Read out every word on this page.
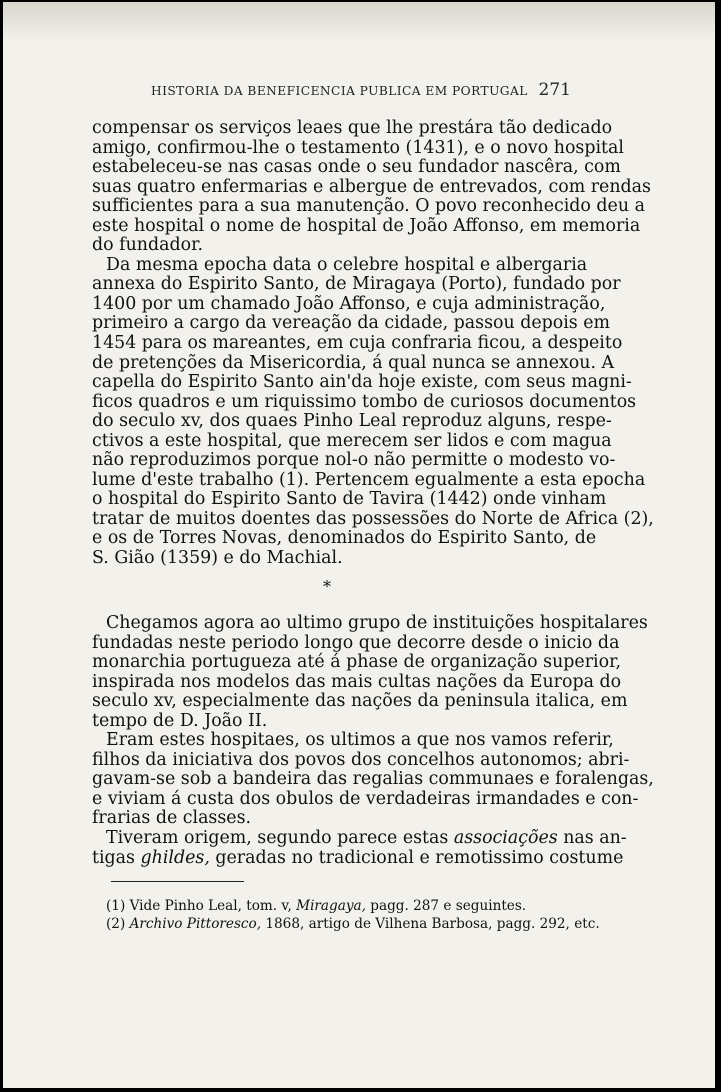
HISTORIA DA BENEFICENCIA PUBLICA EM PORTUGAL 271
compensar os serviços leaes que lhe prestára tão dedicado
amigo, confirmou-lhe o testamento (1431), e o novo hospital
estabeleceu-se nas casas onde o seu fundador nascêra, com
suas quatro enfermarias e albergue de entrevados, com rendas
sufficientes para a sua manutenção. O povo reconhecido deu a
este hospital o nome de hospital de João Affonso, em memoria
do fundador.
Da mesma epocha data o celebre hospital e albergaria
annexa do Espirito Santo, de Miragaya (Porto), fundado por
1400 por um chamado João Affonso, e cuja administração,
primeiro a cargo da vereação da cidade, passou depois em
1454 para os mareantes, em cuja confraria ficou, a despeito
de pretenções da Misericordia, á qual nunca se annexou. A
capella do Espirito Santo ain'da hoje existe, com seus magni-
ficos quadros e um riquissimo tombo de curiosos documentos
do seculo xv, dos quaes Pinho Leal reproduz alguns, respe-
ctivos a este hospital, que merecem ser lidos e com magua
não reproduzimos porque nol-o não permitte o modesto vo-
lume d'este trabalho (1). Pertencem egualmente a esta epocha
o hospital do Espirito Santo de Tavira (1442) onde vinham
tratar de muitos doentes das possessões do Norte de Africa (2),
e os de Torres Novas, denominados do Espirito Santo, de
S. Gião (1359) e do Machial.
*
Chegamos agora ao ultimo grupo de instituições hospitalares
fundadas neste periodo longo que decorre desde o inicio da
monarchia portugueza até á phase de organização superior,
inspirada nos modelos das mais cultas nações da Europa do
seculo xv, especialmente das nações da peninsula italica, em
tempo de D. João II.
Eram estes hospitaes, os ultimos a que nos vamos referir,
filhos da iniciativa dos povos dos concelhos autonomos; abri-
gavam-se sob a bandeira das regalias communaes e foralengas,
e viviam á custa dos obulos de verdadeiras irmandades e con-
frarias de classes.
Tiveram origem, segundo parece estas associações nas an-
tigas ghildes, geradas no tradicional e remotissimo costume
(1) Vide Pinho Leal, tom. v, Miragaya, pagg. 287 e seguintes.
(2) Archivo Pittoresco, 1868, artigo de Vilhena Barbosa, pagg. 292, etc.
